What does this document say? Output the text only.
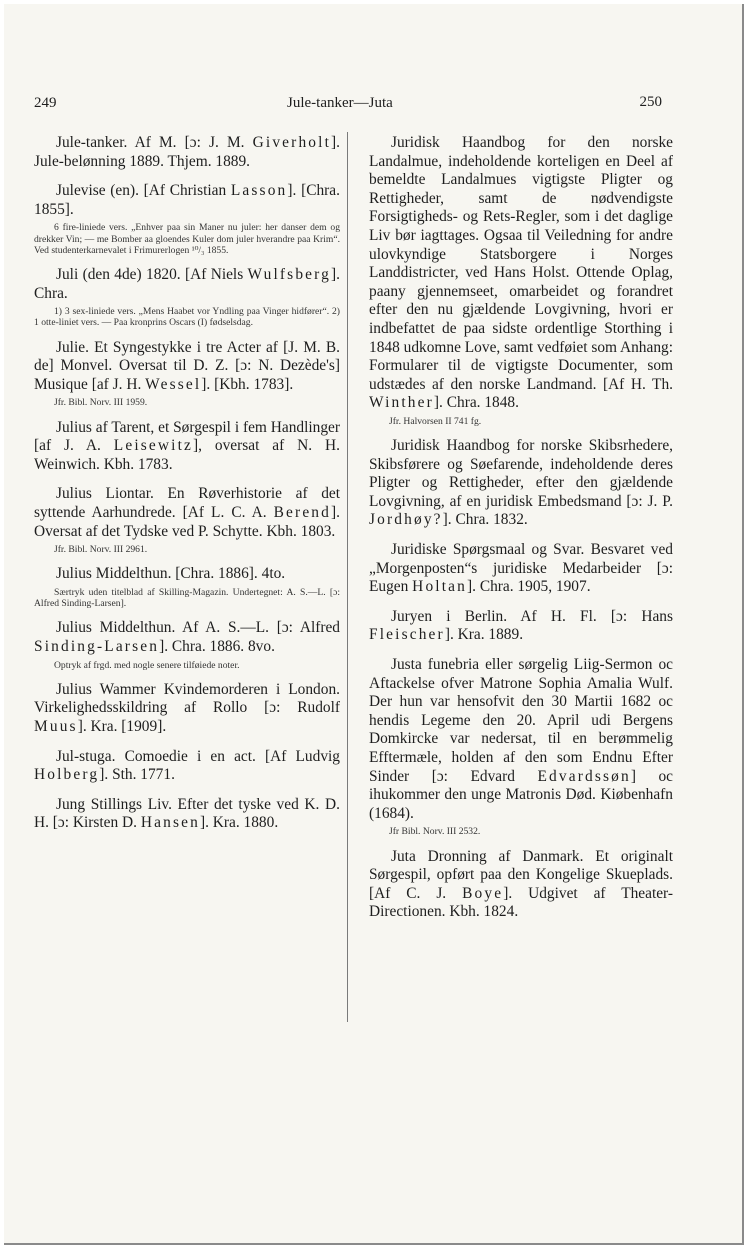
249	Jule-tanker—Juta	250

Jule-tanker. Af M. [ɔ: J. M. Giverholt]. Jule-belønning 1889. Thjem. 1889.

Julevise (en). [Af Christian Lasson]. [Chra. 1855].

6 fire-liniede vers. „Enhver paa sin Maner nu juler: her danser dem og drekker Vin; — me Bomber aa gloendes Kuler dom juler hverandre paa Krim“. Ved studenterkarnevalet i Frimurerlogen ¹⁰/₃ 1855.

Juli (den 4de) 1820. [Af Niels Wulfsberg]. Chra.

1) 3 sex-liniede vers. „Mens Haabet vor Yndling paa Vinger hidfører“. 2) 1 otte-liniet vers. — Paa kronprins Oscars (I) fødselsdag.

Julie. Et Syngestykke i tre Acter af [J. M. B. de] Monvel. Oversat til D. Z. [ɔ: N. Dezède's] Musique [af J. H. Wessel]. [Kbh. 1783].

Jfr. Bibl. Norv. III 1959.

Julius af Tarent, et Sørgespil i fem Handlinger [af J. A. Leisewitz], oversat af N. H. Weinwich. Kbh. 1783.

Julius Liontar. En Røverhistorie af det syttende Aarhundrede. [Af L. C. A. Berend]. Oversat af det Tydske ved P. Schytte. Kbh. 1803.

Jfr. Bibl. Norv. III 2961.

Julius Middelthun. [Chra. 1886]. 4to.

Særtryk uden titelblad af Skilling-Magazin. Undertegnet: A. S.—L. [ɔ: Alfred Sinding-Larsen].

Julius Middelthun. Af A. S.—L. [ɔ: Alfred Sinding-Larsen]. Chra. 1886. 8vo.

Optryk af frgd. med nogle senere tilføiede noter.

Julius Wammer Kvindemorderen i London. Virkelighedsskildring af Rollo [ɔ: Rudolf Muus]. Kra. [1909].

Jul-stuga. Comoedie i en act. [Af Ludvig Holberg]. Sth. 1771.

Jung Stillings Liv. Efter det tyske ved K. D. H. [ɔ: Kirsten D. Hansen]. Kra. 1880.

Juridisk Haandbog for den norske Landalmue, indeholdende korteligen en Deel af bemeldte Landalmues vigtigste Pligter og Rettigheder, samt de nødvendigste Forsigtigheds- og Rets-Regler, som i det daglige Liv bør iagttages. Ogsaa til Veiledning for andre ulovkyndige Statsborgere i Norges Landdistricter, ved Hans Holst. Ottende Oplag, paany gjennemseet, omarbeidet og forandret efter den nu gjældende Lovgivning, hvori er indbefattet de paa sidste ordentlige Storthing i 1848 udkomne Love, samt vedføiet som Anhang: Formularer til de vigtigste Documenter, som udstædes af den norske Landmand. [Af H. Th. Winther]. Chra. 1848.

Jfr. Halvorsen II 741 fg.

Juridisk Haandbog for norske Skibsrhedere, Skibsførere og Søefarende, indeholdende deres Pligter og Rettigheder, efter den gjældende Lovgivning, af en juridisk Embedsmand [ɔ: J. P. Jordhøy?]. Chra. 1832.

Juridiske Spørgsmaal og Svar. Besvaret ved „Morgenposten“s juridiske Medarbeider [ɔ: Eugen Holtan]. Chra. 1905, 1907.

Juryen i Berlin. Af H. Fl. [ɔ: Hans Fleischer]. Kra. 1889.

Justa funebria eller sørgelig Liig-Sermon oc Aftackelse ofver Matrone Sophia Amalia Wulf. Der hun var hensofvit den 30 Martii 1682 oc hendis Legeme den 20. April udi Bergens Domkircke var nedersat, til en berømmelig Efftermæle, holden af den som Endnu Efter Sinder [ɔ: Edvard Edvardssøn] oc ihukommer den unge Matronis Død. Kiøbenhafn (1684).

Jfr Bibl. Norv. III 2532.

Juta Dronning af Danmark. Et originalt Sørgespil, opført paa den Kongelige Skueplads. [Af C. J. Boye]. Udgivet af Theater-Directionen. Kbh. 1824.
